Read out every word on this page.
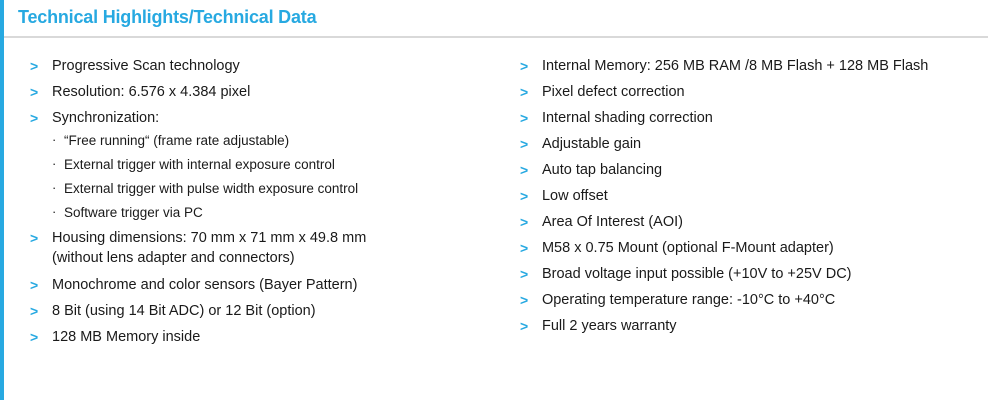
Technical Highlights/Technical Data
> Progressive Scan technology
> Resolution: 6.576 x 4.384 pixel
> Synchronization:
· “Free running“ (frame rate adjustable)
· External trigger with internal exposure control
· External trigger with pulse width exposure control
· Software trigger via PC
> Housing dimensions: 70 mm x 71 mm x 49.8 mm
(without lens adapter and connectors)
> Monochrome and color sensors (Bayer Pattern)
> 8 Bit (using 14 Bit ADC) or 12 Bit (option)
> 128 MB Memory inside
> Internal Memory: 256 MB RAM /8 MB Flash + 128 MB Flash
> Pixel defect correction
> Internal shading correction
> Adjustable gain
> Auto tap balancing
> Low offset
> Area Of Interest (AOI)
> M58 x 0.75 Mount (optional F-Mount adapter)
> Broad voltage input possible (+10V to +25V DC)
> Operating temperature range: -10°C to +40°C
> Full 2 years warranty
